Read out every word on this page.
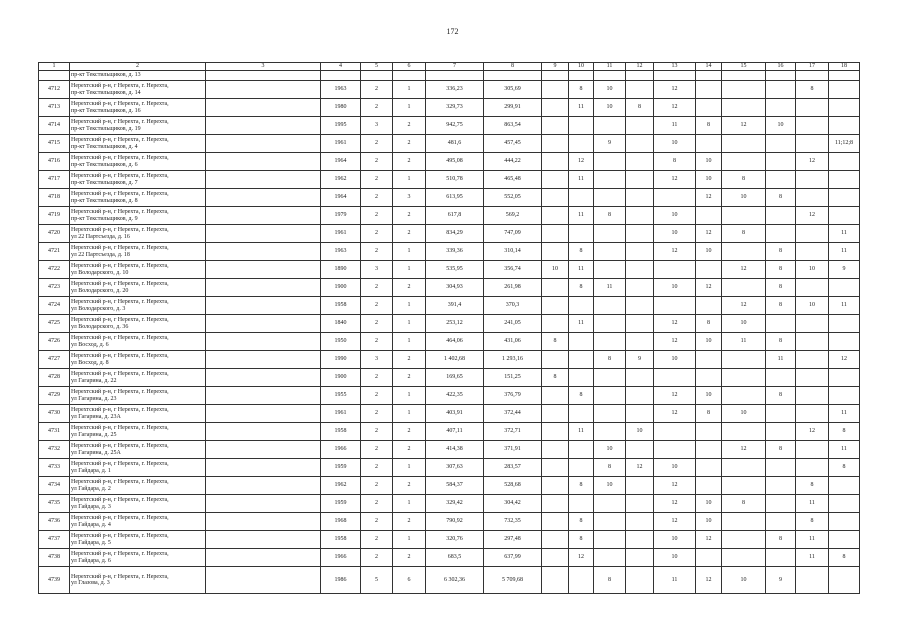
172
1	2	3	4	5	6	7	8	9	10	11	12	13	14	15	16	17	18
	пр-кт Текстильщиков, д. 13																
4712	Нерехтский р-н, г Нерехта, г. Нерехта,
пр-кт Текстильщиков, д. 14		1963	2	1	336,23	305,69		8	10		12				8	
4713	Нерехтский р-н, г Нерехта, г. Нерехта,
пр-кт Текстильщиков, д. 16		1980	2	1	329,73	299,91		11	10	8	12					
4714	Нерехтский р-н, г Нерехта, г. Нерехта,
пр-кт Текстильщиков, д. 19		1995	3	2	942,75	863,54					11	8	12	10		
4715	Нерехтский р-н, г Нерехта, г. Нерехта,
пр-кт Текстильщиков, д. 4		1961	2	2	481,6	457,45			9		10					11;12;8
4716	Нерехтский р-н, г Нерехта, г. Нерехта,
пр-кт Текстильщиков, д. 6		1964	2	2	495,08	444,22		12			8	10			12	
4717	Нерехтский р-н, г Нерехта, г. Нерехта,
пр-кт Текстильщиков, д. 7		1962	2	1	510,78	465,48		11			12	10	8			
4718	Нерехтский р-н, г Нерехта, г. Нерехта,
пр-кт Текстильщиков, д. 8		1964	2	3	613,95	552,05						12	10	8		
4719	Нерехтский р-н, г Нерехта, г. Нерехта,
пр-кт Текстильщиков, д. 9		1979	2	2	617,8	569,2		11	8		10				12	
4720	Нерехтский р-н, г Нерехта, г. Нерехта,
ул 22 Партсъезда, д. 16		1961	2	2	834,29	747,09					10	12	8			11
4721	Нерехтский р-н, г Нерехта, г. Нерехта,
ул 22 Партсъезда, д. 18		1963	2	1	339,36	310,14		8			12	10		8		11
4722	Нерехтский р-н, г Нерехта, г. Нерехта,
ул Володарского, д. 10		1890	3	1	535,95	356,74	10	11					12	8	10	9
4723	Нерехтский р-н, г Нерехта, г. Нерехта,
ул Володарского, д. 20		1900	2	2	304,93	261,98		8	11		10	12		8		
4724	Нерехтский р-н, г Нерехта, г. Нерехта,
ул Володарского, д. 3		1958	2	1	391,4	370,3							12	8	10	11
4725	Нерехтский р-н, г Нерехта, г. Нерехта,
ул Володарского, д. 36		1840	2	1	253,12	241,05		11			12	8	10			
4726	Нерехтский р-н, г Нерехта, г. Нерехта,
ул Восход, д. 6		1950	2	1	464,06	431,06	8				12	10	11	8		
4727	Нерехтский р-н, г Нерехта, г. Нерехта,
ул Восход, д. 8		1990	3	2	1 402,68	1 293,16			8	9	10			11		12
4728	Нерехтский р-н, г Нерехта, г. Нерехта,
ул Гагарина, д. 22		1900	2	2	169,65	151,25	8									
4729	Нерехтский р-н, г Нерехта, г. Нерехта,
ул Гагарина, д. 23		1955	2	1	422,35	376,79		8			12	10		8		
4730	Нерехтский р-н, г Нерехта, г. Нерехта,
ул Гагарина, д. 23А		1961	2	1	403,91	372,44					12	8	10			11
4731	Нерехтский р-н, г Нерехта, г. Нерехта,
ул Гагарина, д. 25		1958	2	2	407,11	372,71		11		10					12	8
4732	Нерехтский р-н, г Нерехта, г. Нерехта,
ул Гагарина, д. 25А		1966	2	2	414,38	371,91			10				12	8		11
4733	Нерехтский р-н, г Нерехта, г. Нерехта,
ул Гайдара, д. 1		1959	2	1	307,63	283,57			8	12	10					8
4734	Нерехтский р-н, г Нерехта, г. Нерехта,
ул Гайдара, д. 2		1962	2	2	584,37	528,68		8	10		12				8	
4735	Нерехтский р-н, г Нерехта, г. Нерехта,
ул Гайдара, д. 3		1959	2	1	329,42	304,42					12	10	8		11	
4736	Нерехтский р-н, г Нерехта, г. Нерехта,
ул Гайдара, д. 4		1968	2	2	790,92	732,35		8			12	10			8	
4737	Нерехтский р-н, г Нерехта, г. Нерехта,
ул Гайдара, д. 5		1958	2	1	320,76	297,48		8			10	12		8	11	
4738	Нерехтский р-н, г Нерехта, г. Нерехта,
ул Гайдара, д. 6		1966	2	2	683,5	637,99		12			10				11	8
4739	Нерехтский р-н, г Нерехта, г. Нерехта,
ул Глазова, д. 3		1986	5	6	6 302,36	5 709,68			8		11	12	10	9		
